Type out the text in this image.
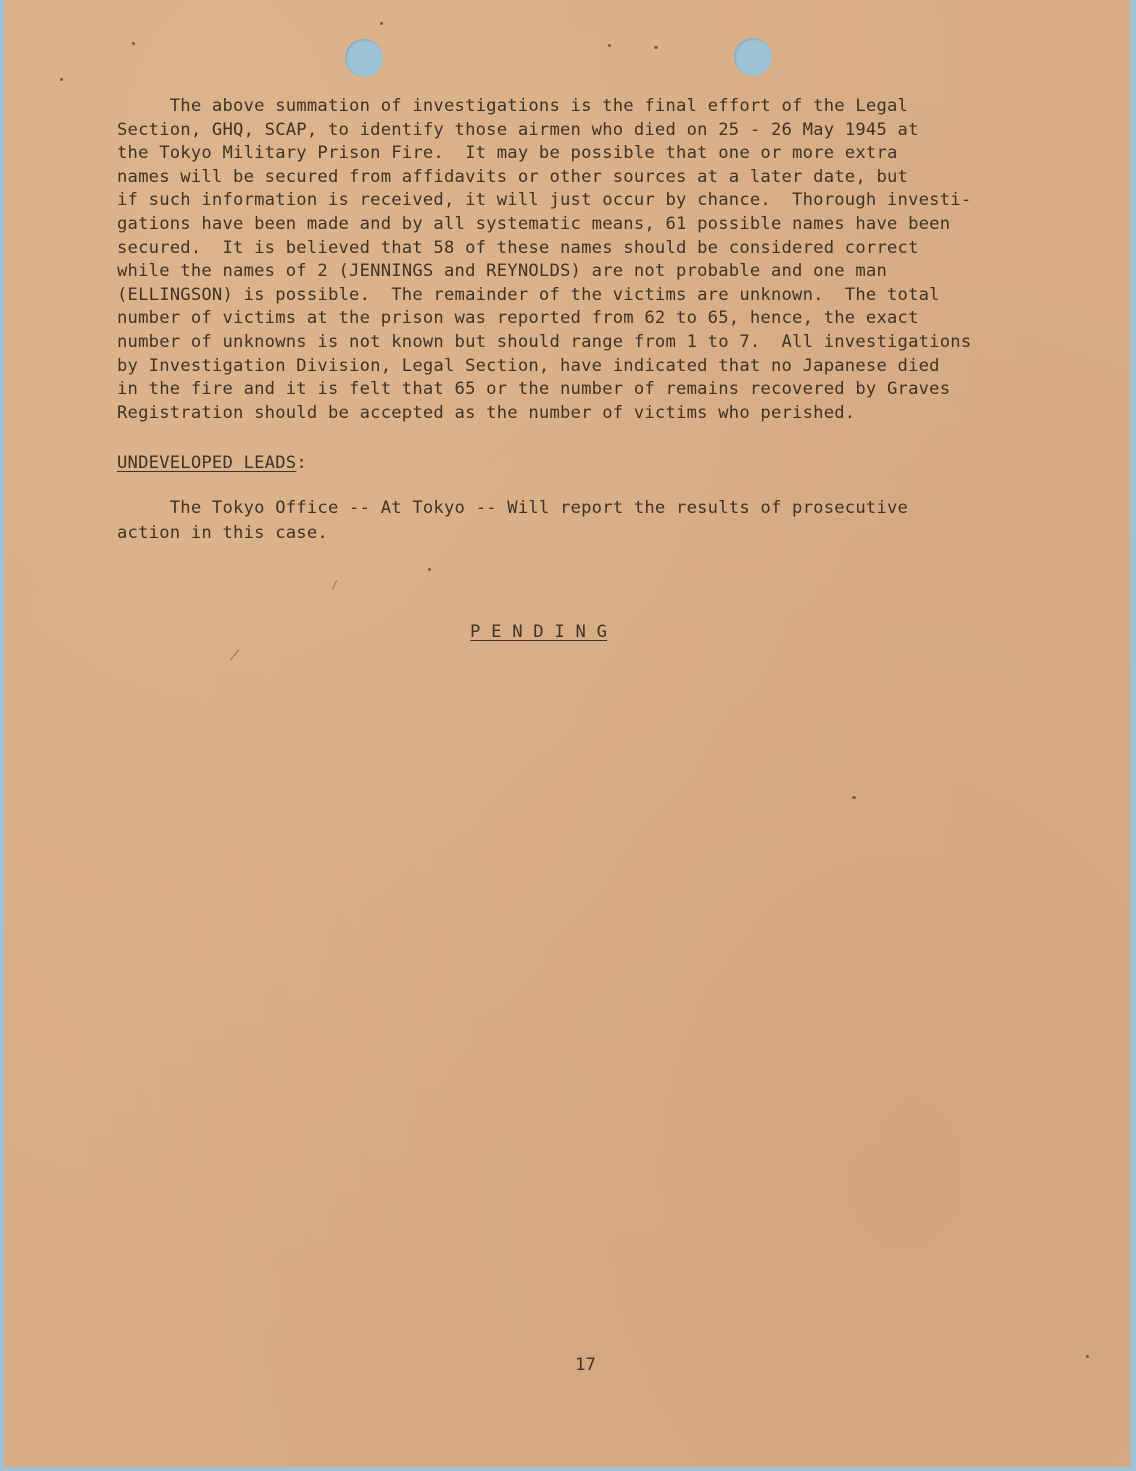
The above summation of investigations is the final effort of the Legal
Section, GHQ, SCAP, to identify those airmen who died on 25 - 26 May 1945 at
the Tokyo Military Prison Fire.  It may be possible that one or more extra
names will be secured from affidavits or other sources at a later date, but
if such information is received, it will just occur by chance.  Thorough investi-
gations have been made and by all systematic means, 61 possible names have been
secured.  It is believed that 58 of these names should be considered correct
while the names of 2 (JENNINGS and REYNOLDS) are not probable and one man
(ELLINGSON) is possible.  The remainder of the victims are unknown.  The total
number of victims at the prison was reported from 62 to 65, hence, the exact
number of unknowns is not known but should range from 1 to 7.  All investigations
by Investigation Division, Legal Section, have indicated that no Japanese died
in the fire and it is felt that 65 or the number of remains recovered by Graves
Registration should be accepted as the number of victims who perished.

UNDEVELOPED LEADS:

The Tokyo Office -- At Tokyo -- Will report the results of prosecutive
action in this case.

P E N D I N G

17
